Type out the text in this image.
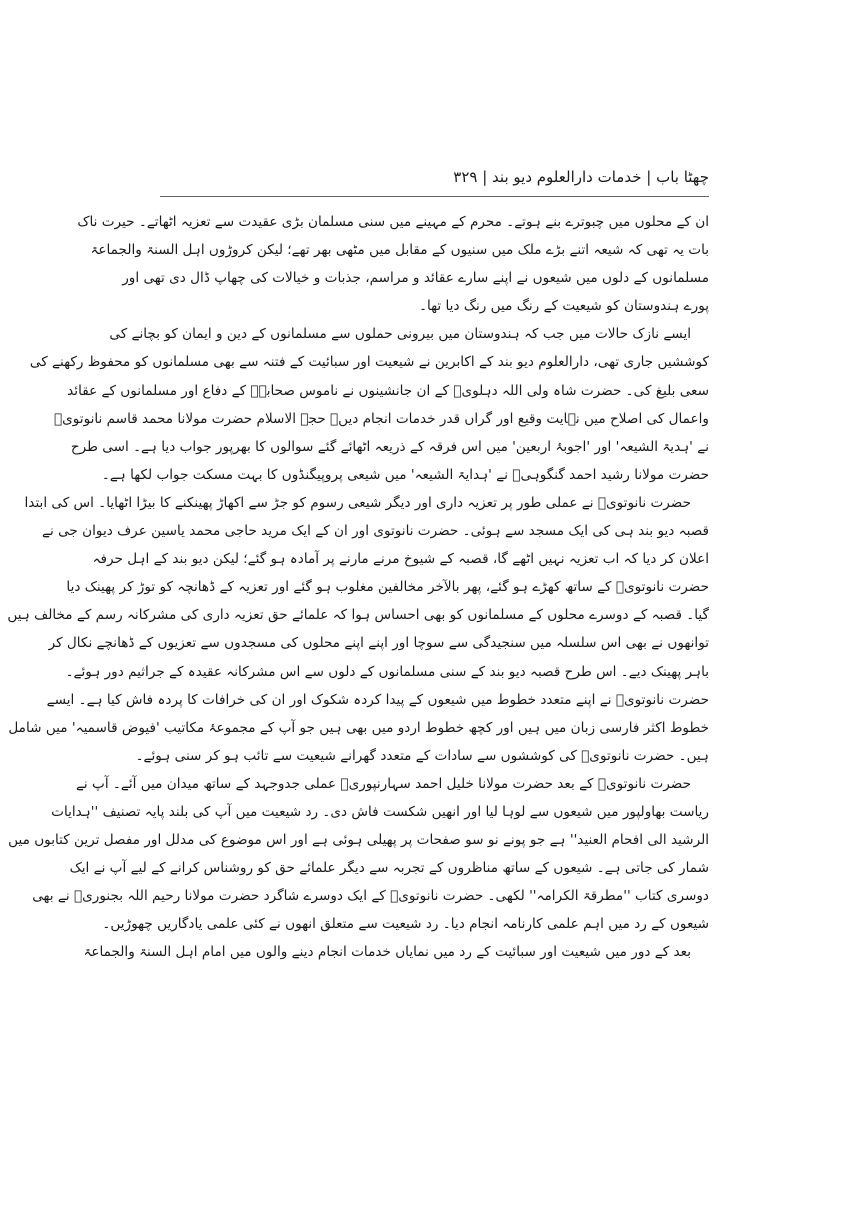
چھٹا باب | خدمات دارالعلوم دیو بند | ۳۲۹
ان کے محلوں میں چبوترے بنے ہوتے۔ محرم کے مہینے میں سنی مسلمان بڑی عقیدت سے تعزیہ اٹھاتے۔ حیرت ناک
بات یہ تھی کہ شیعہ اتنے بڑے ملک میں سنیوں کے مقابل میں مٹھی بھر تھے؛ لیکن کروڑوں اہل السنۃ والجماعۃ
مسلمانوں کے دلوں میں شیعوں نے اپنے سارے عقائد و مراسم، جذبات و خیالات کی چھاپ ڈال دی تھی اور
پورے ہندوستان کو شیعیت کے رنگ میں رنگ دیا تھا۔
ایسے نازک حالات میں جب کہ ہندوستان میں بیرونی حملوں سے مسلمانوں کے دین و ایمان کو بچانے کی
کوششیں جاری تھی، دارالعلوم دیو بند کے اکابرین نے شیعیت اور سبائیت کے فتنہ سے بھی مسلمانوں کو محفوظ رکھنے کی
سعی بلیغ کی۔ حضرت شاہ ولی اللہ دہلویؒ کے ان جانشینوں نے ناموس صحابہؓ کے دفاع اور مسلمانوں کے عقائد
واعمال کی اصلاح میں نہایت وقیع اور گراں قدر خدمات انجام دیں۔ حجۃ الاسلام حضرت مولانا محمد قاسم نانوتویؒ
نے 'ہدیۃ الشیعہ' اور 'اجوبۂ اربعین' میں اس فرقہ کے ذریعہ اٹھائے گئے سوالوں کا بھرپور جواب دیا ہے۔ اسی طرح
حضرت مولانا رشید احمد گنگوہیؒ نے 'ہدایۃ الشیعہ' میں شیعی پروپیگنڈوں کا بہت مسکت جواب لکھا ہے۔
حضرت نانوتویؒ نے عملی طور پر تعزیہ داری اور دیگر شیعی رسوم کو جڑ سے اکھاڑ پھینکنے کا بیڑا اٹھایا۔ اس کی ابتدا
قصبہ دیو بند ہی کی ایک مسجد سے ہوئی۔ حضرت نانوتوی اور ان کے ایک مرید حاجی محمد یاسین عرف دیوان جی نے
اعلان کر دیا کہ اب تعزیہ نہیں اٹھے گا، قصبہ کے شیوخ مرنے مارنے پر آمادہ ہو گئے؛ لیکن دیو بند کے اہل حرفہ
حضرت نانوتویؒ کے ساتھ کھڑے ہو گئے، پھر بالآخر مخالفین مغلوب ہو گئے اور تعزیہ کے ڈھانچہ کو توڑ کر پھینک دیا
گیا۔ قصبہ کے دوسرے محلوں کے مسلمانوں کو بھی احساس ہوا کہ علمائے حق تعزیہ داری کی مشرکانہ رسم کے مخالف ہیں
توانھوں نے بھی اس سلسلہ میں سنجیدگی سے سوچا اور اپنے اپنے محلوں کی مسجدوں سے تعزیوں کے ڈھانچے نکال کر
باہر پھینک دیے۔ اس طرح قصبہ دیو بند کے سنی مسلمانوں کے دلوں سے اس مشرکانہ عقیدہ کے جراثیم دور ہوئے۔
حضرت نانوتویؒ نے اپنے متعدد خطوط میں شیعوں کے پیدا کردہ شکوک اور ان کی خرافات کا پردہ فاش کیا ہے۔ ایسے
خطوط اکثر فارسی زبان میں ہیں اور کچھ خطوط اردو میں بھی ہیں جو آپ کے مجموعۂ مکاتیب 'فیوض قاسمیہ' میں شامل
ہیں۔ حضرت نانوتویؒ کی کوششوں سے سادات کے متعدد گھرانے شیعیت سے تائب ہو کر سنی ہوئے۔
حضرت نانوتویؒ کے بعد حضرت مولانا خلیل احمد سہارنپوریؒ عملی جدوجہد کے ساتھ میدان میں آئے۔ آپ نے
ریاست بھاولپور میں شیعوں سے لوہا لیا اور انھیں شکست فاش دی۔ رد شیعیت میں آپ کی بلند پایہ تصنیف ''ہدایات
الرشید الی افحام العنید'' ہے جو پونے نو سو صفحات پر پھیلی ہوئی ہے اور اس موضوع کی مدلل اور مفصل ترین کتابوں میں
شمار کی جاتی ہے۔ شیعوں کے ساتھ مناظروں کے تجربہ سے دیگر علمائے حق کو روشناس کرانے کے لیے آپ نے ایک
دوسری کتاب ''مطرقۃ الکرامہ'' لکھی۔ حضرت نانوتویؒ کے ایک دوسرے شاگرد حضرت مولانا رحیم اللہ بجنوریؒ نے بھی
شیعوں کے رد میں اہم علمی کارنامہ انجام دیا۔ رد شیعیت سے متعلق انھوں نے کئی علمی یادگاریں چھوڑیں۔
بعد کے دور میں شیعیت اور سبائیت کے رد میں نمایاں خدمات انجام دینے والوں میں امام اہل السنۃ والجماعۃ
